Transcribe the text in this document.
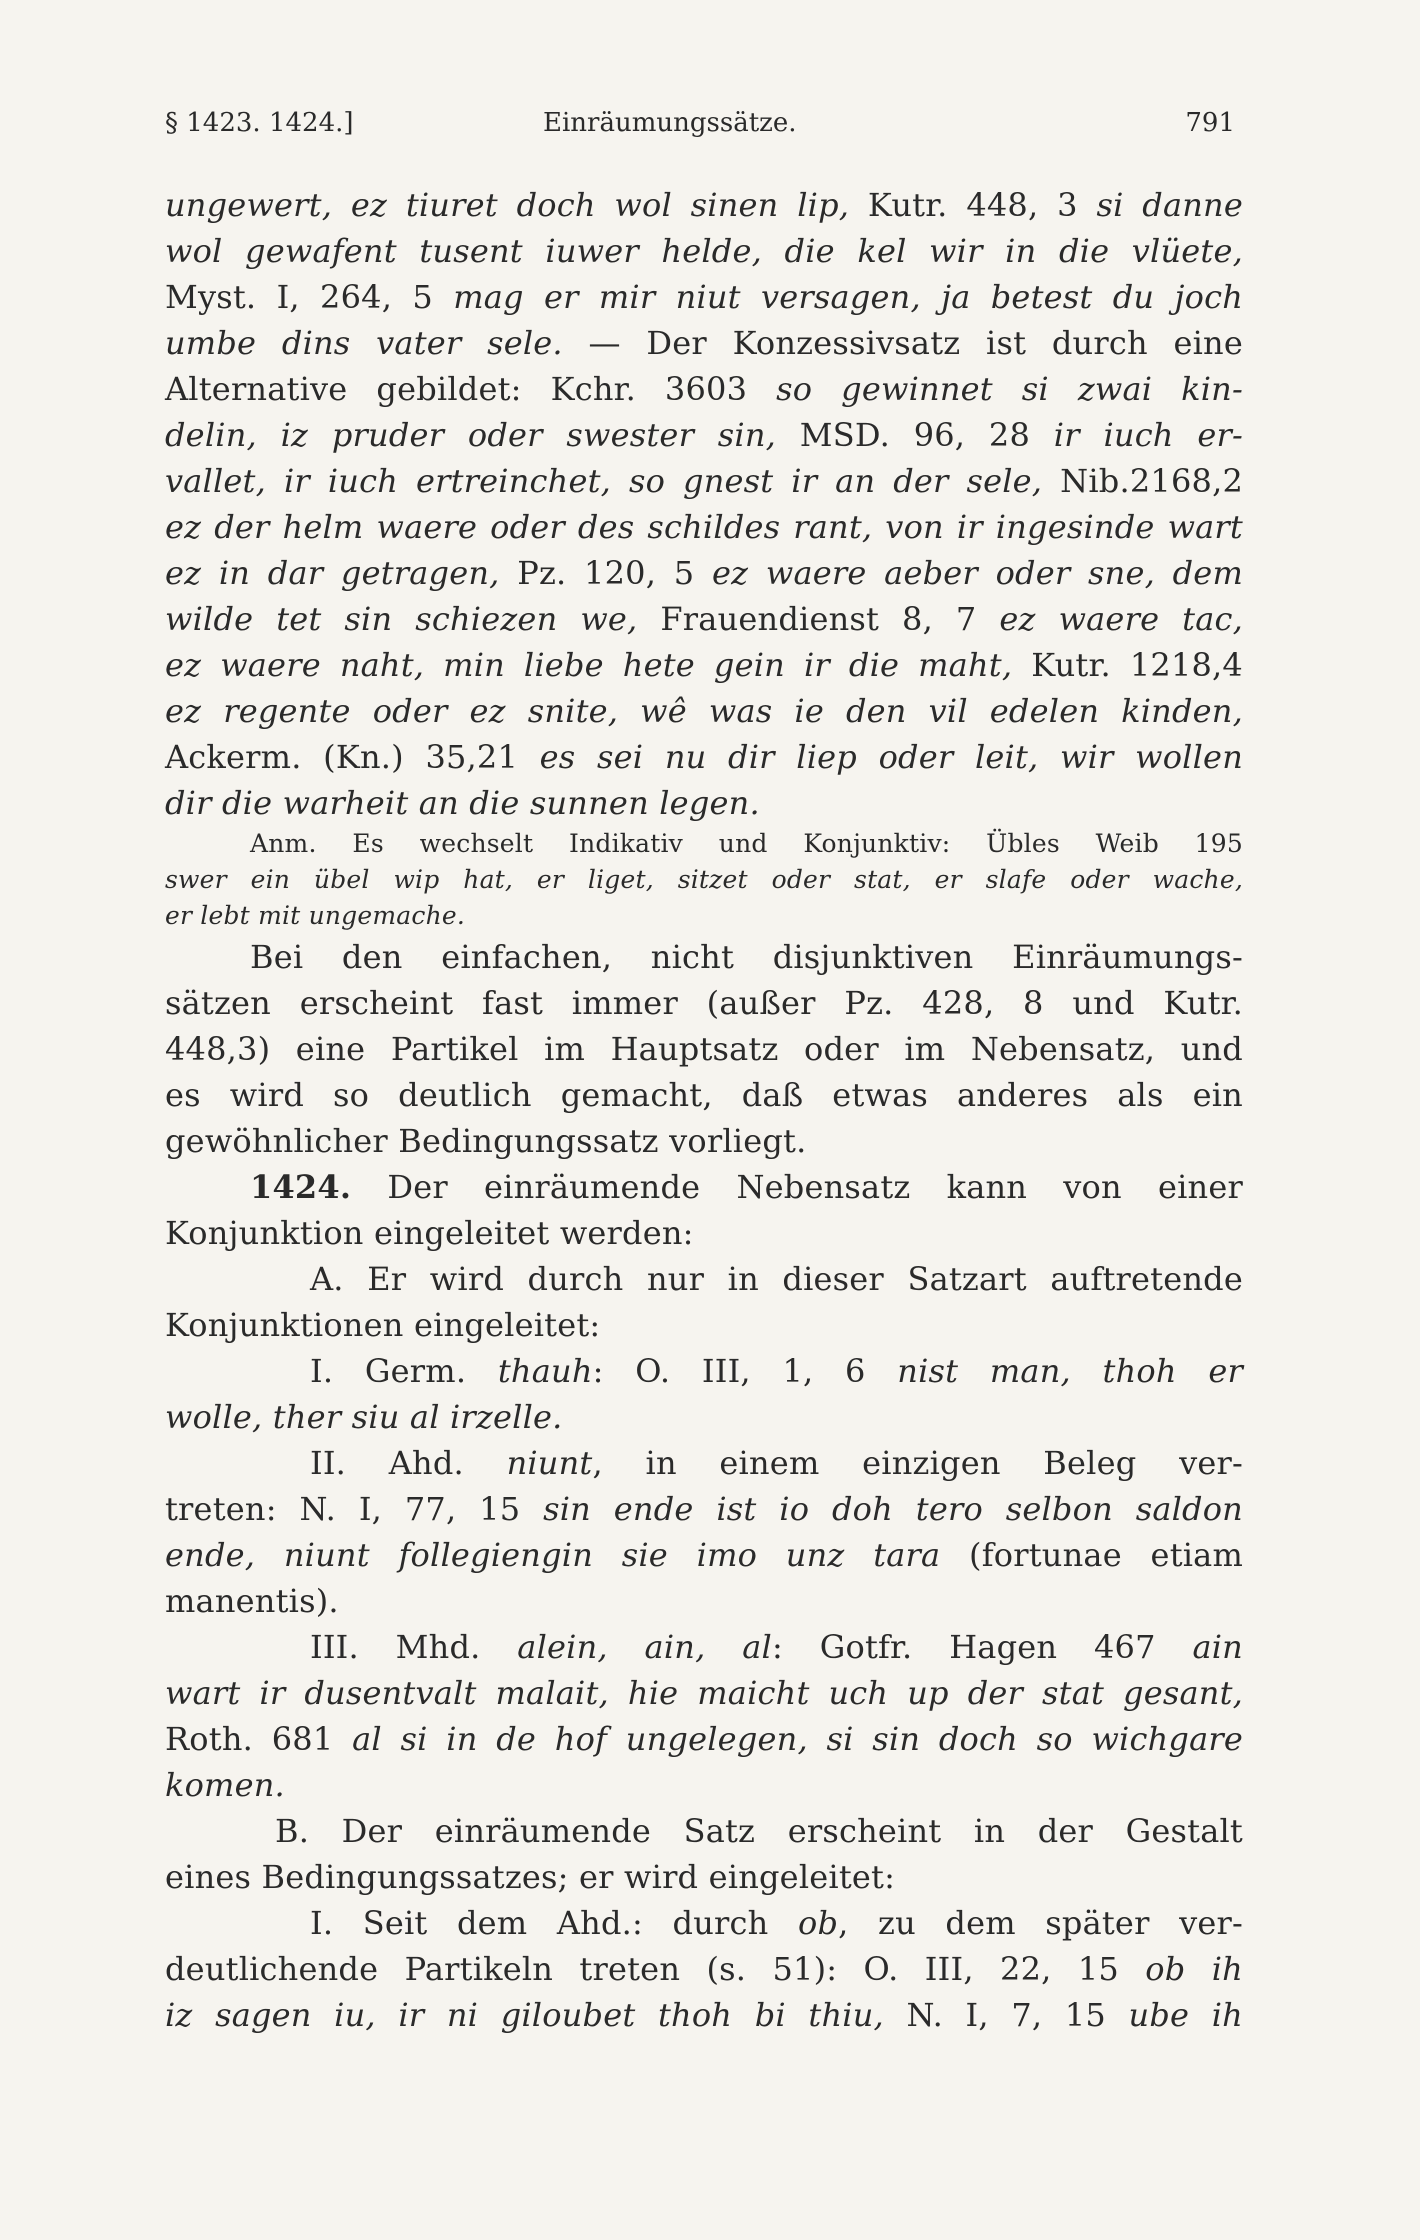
§ 1423. 1424.]	Einräumungssätze.	791
ungewert, ez tiuret doch wol sinen lip, Kutr. 448, 3 si danne
wol gewafent tusent iuwer helde, die kel wir in die vlüete,
Myst. I, 264, 5 mag er mir niut versagen, ja betest du joch
umbe dins vater sele. — Der Konzessivsatz ist durch eine
Alternative gebildet: Kchr. 3603 so gewinnet si zwai kin-
delin, iz pruder oder swester sin, MSD. 96, 28 ir iuch er-
vallet, ir iuch ertreinchet, so gnest ir an der sele, Nib.2168,2
ez der helm waere oder des schildes rant, von ir ingesinde wart
ez in dar getragen, Pz. 120, 5 ez waere aeber oder sne, dem
wilde tet sin schiezen we, Frauendienst 8, 7 ez waere tac,
ez waere naht, min liebe hete gein ir die maht, Kutr. 1218,4
ez regente oder ez snite, wê was ie den vil edelen kinden,
Ackerm. (Kn.) 35,21 es sei nu dir liep oder leit, wir wollen
dir die warheit an die sunnen legen.
Anm. Es wechselt Indikativ und Konjunktiv: Übles Weib 195
swer ein übel wip hat, er liget, sitzet oder stat, er slafe oder wache,
er lebt mit ungemache.
Bei den einfachen, nicht disjunktiven Einräumungs-
sätzen erscheint fast immer (außer Pz. 428, 8 und Kutr.
448,3) eine Partikel im Hauptsatz oder im Nebensatz, und
es wird so deutlich gemacht, daß etwas anderes als ein
gewöhnlicher Bedingungssatz vorliegt.
1424. Der einräumende Nebensatz kann von einer
Konjunktion eingeleitet werden:
A. Er wird durch nur in dieser Satzart auftretende
Konjunktionen eingeleitet:
I. Germ. thauh: O. III, 1, 6 nist man, thoh er
wolle, ther siu al irzelle.
II. Ahd. niunt, in einem einzigen Beleg ver-
treten: N. I, 77, 15 sin ende ist io doh tero selbon saldon
ende, niunt follegiengin sie imo unz tara (fortunae etiam
manentis).
III. Mhd. alein, ain, al: Gotfr. Hagen 467 ain
wart ir dusentvalt malait, hie maicht uch up der stat gesant,
Roth. 681 al si in de hof ungelegen, si sin doch so wichgare
komen.
B. Der einräumende Satz erscheint in der Gestalt
eines Bedingungssatzes; er wird eingeleitet:
I. Seit dem Ahd.: durch ob, zu dem später ver-
deutlichende Partikeln treten (s. 51): O. III, 22, 15 ob ih
iz sagen iu, ir ni giloubet thoh bi thiu, N. I, 7, 15 ube ih
